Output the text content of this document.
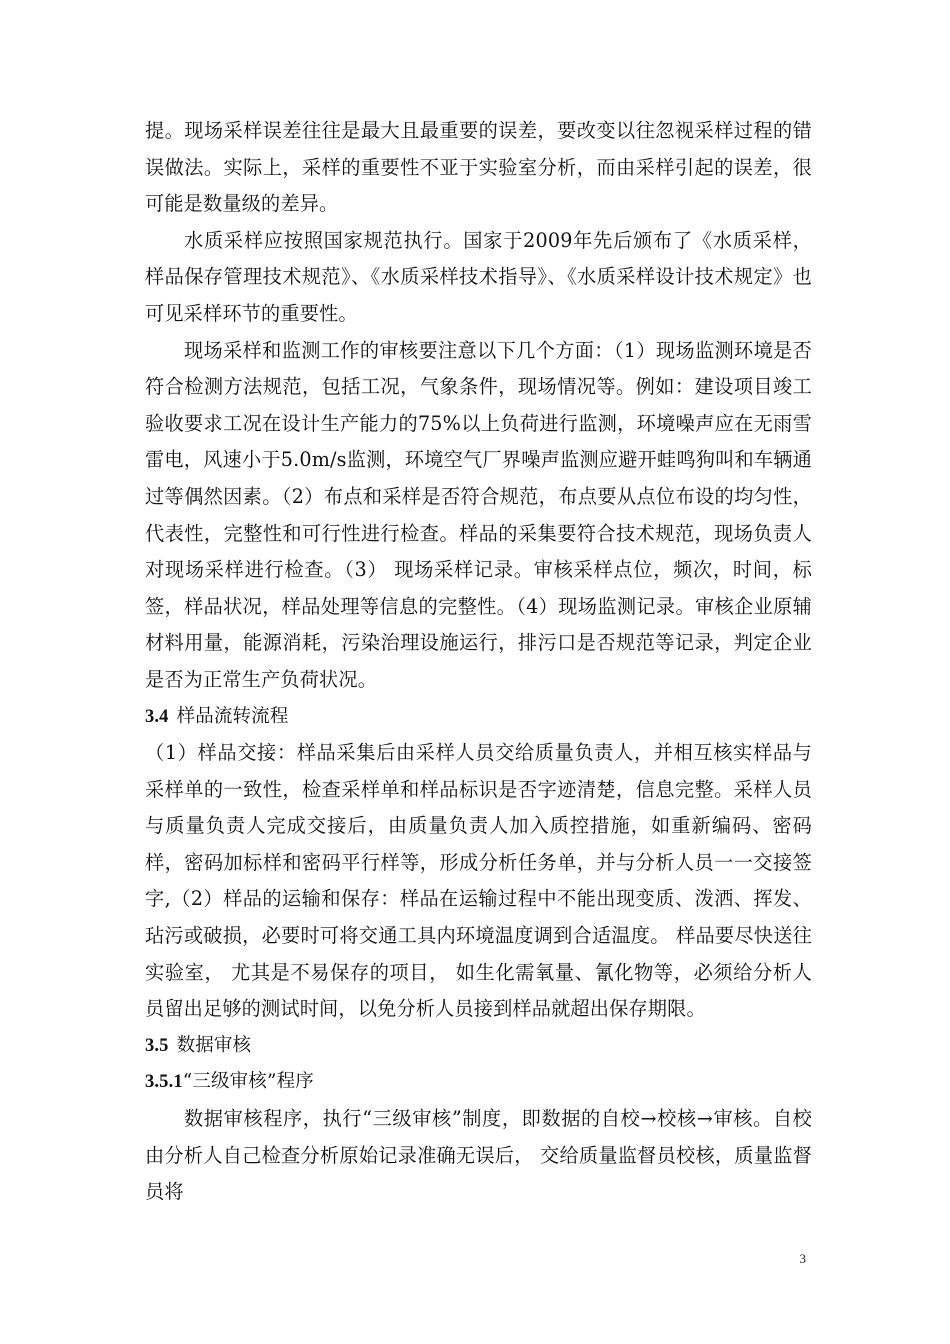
提。现场采样误差往往是最大且最重要的误差，要改变以往忽视采样过程的错误做法。实际上，采样的重要性不亚于实验室分析，而由采样引起的误差，很可能是数量级的差异。

水质采样应按照国家规范执行。国家于2009年先后颁布了《水质采样，样品保存管理技术规范》、《水质采样技术指导》、《水质采样设计技术规定》也可见采样环节的重要性。

现场采样和监测工作的审核要注意以下几个方面：（1）现场监测环境是否符合检测方法规范，包括工况，气象条件，现场情况等。例如：建设项目竣工验收要求工况在设计生产能力的75%以上负荷进行监测，环境噪声应在无雨雪雷电，风速小于5.0m/s监测，环境空气厂界噪声监测应避开蛙鸣狗叫和车辆通过等偶然因素。（2）布点和采样是否符合规范，布点要从点位布设的均匀性，代表性，完整性和可行性进行检查。样品的采集要符合技术规范，现场负责人对现场采样进行检查。（3） 现场采样记录。审核采样点位，频次，时间，标签，样品状况，样品处理等信息的完整性。（4）现场监测记录。审核企业原辅材料用量，能源消耗，污染治理设施运行，排污口是否规范等记录，判定企业是否为正常生产负荷状况。

3.4 样品流转流程

（1）样品交接：样品采集后由采样人员交给质量负责人，并相互核实样品与采样单的一致性，检查采样单和样品标识是否字迹清楚，信息完整。采样人员与质量负责人完成交接后，由质量负责人加入质控措施，如重新编码、密码样，密码加标样和密码平行样等，形成分析任务单，并与分析人员一一交接签字,（2）样品的运输和保存：样品在运输过程中不能出现变质、泼洒、挥发、玷污或破损，必要时可将交通工具内环境温度调到合适温度。 样品要尽快送往实验室， 尤其是不易保存的项目， 如生化需氧量、氰化物等，必须给分析人员留出足够的测试时间，以免分析人员接到样品就超出保存期限。

3.5 数据审核

3.5.1“三级审核”程序

数据审核程序，执行“三级审核”制度，即数据的自校→校核→审核。自校由分析人自己检查分析原始记录准确无误后， 交给质量监督员校核，质量监督员将

3
